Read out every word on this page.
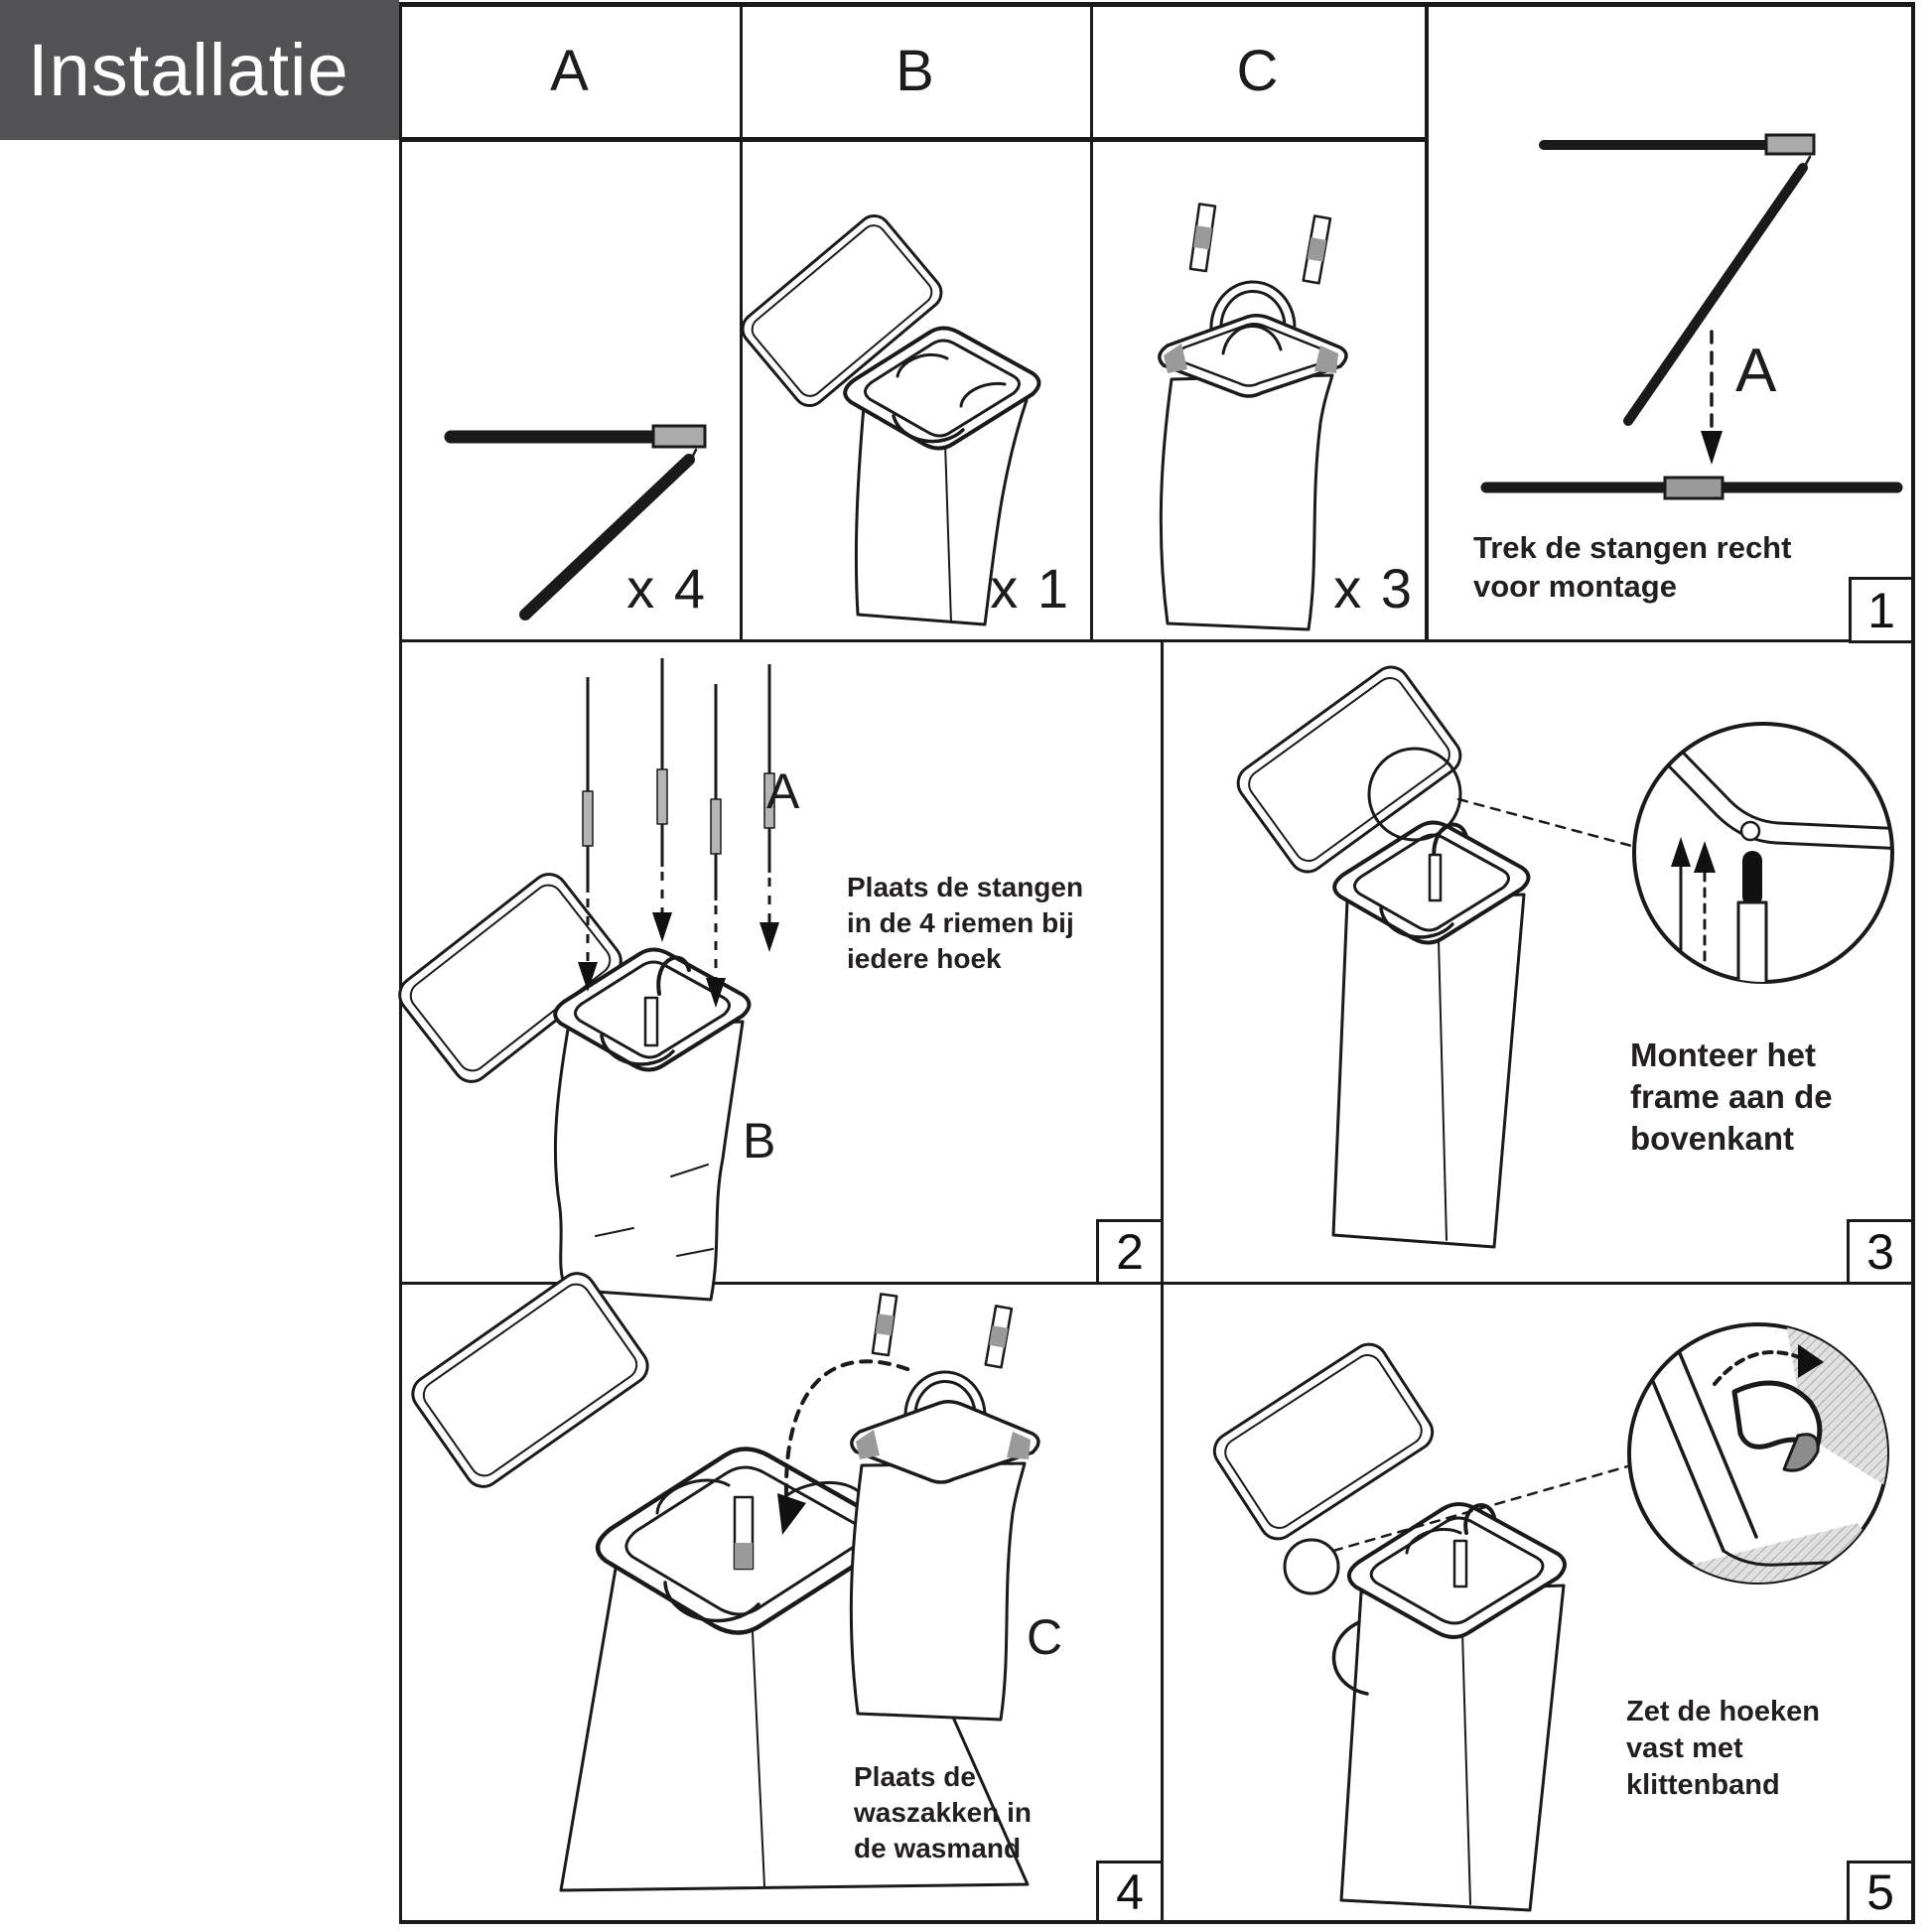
Installatie	A	B	C
x 4	x 1	x 3
A
Trek de stangen recht voor montage	1
A
B
Plaats de stangen in de 4 riemen bij iedere hoek
2
Monteer het frame aan de bovenkant
3
C
Plaats de waszakken in de wasmand
4
Zet de hoeken vast met klittenband
5
